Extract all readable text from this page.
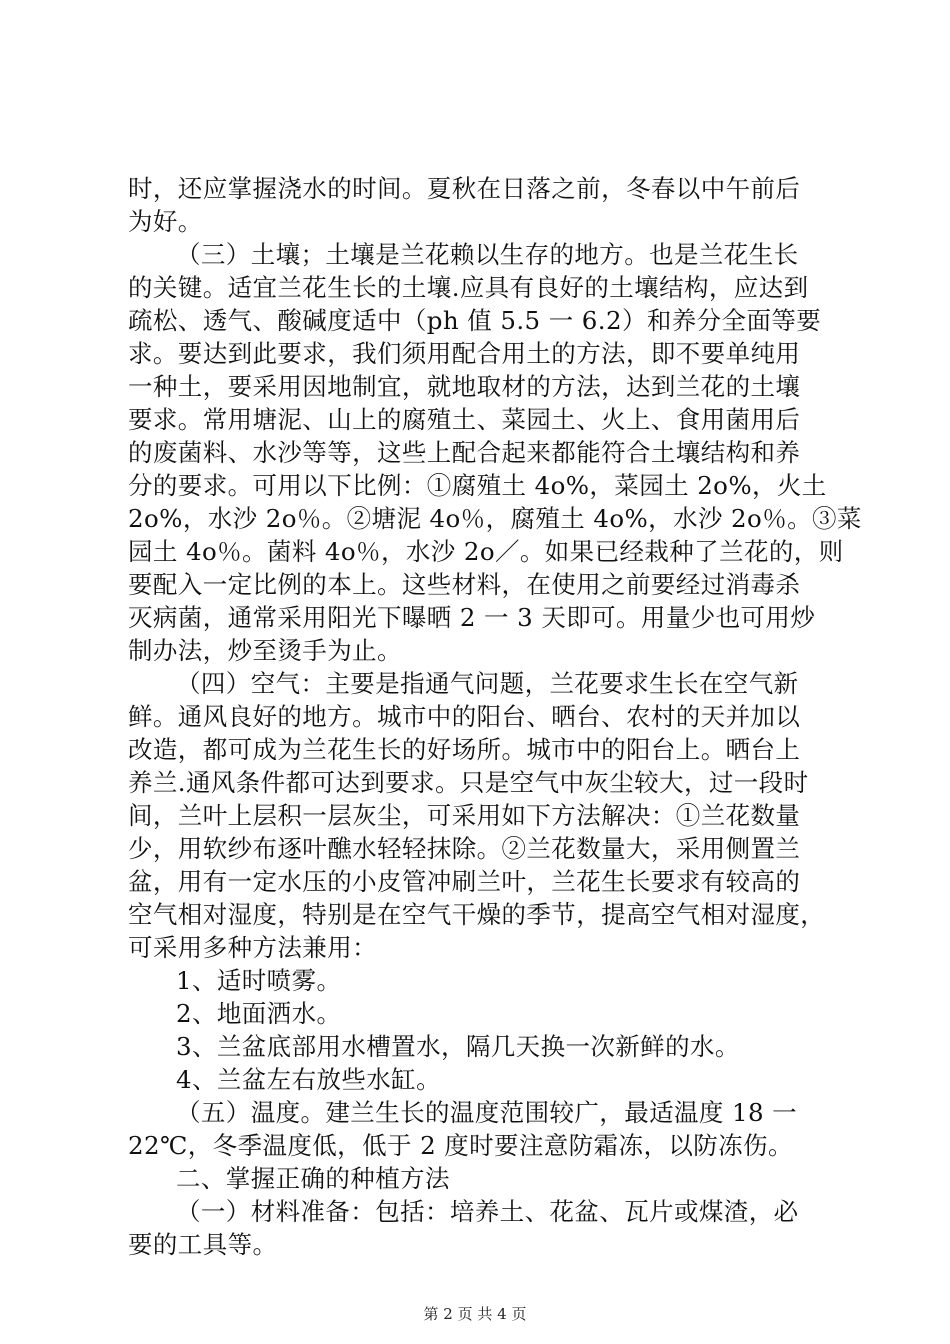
时，还应掌握浇水的时间。夏秋在日落之前，冬春以中午前后
为好。
（三）土壤；土壤是兰花赖以生存的地方。也是兰花生长
的关键。适宜兰花生长的土壤.应具有良好的土壤结构，应达到
疏松、透气、酸碱度适中（ph 值 5.5 一 6.2）和养分全面等要
求。要达到此要求，我们须用配合用土的方法，即不要单纯用
一种土，要采用因地制宜，就地取材的方法，达到兰花的土壤
要求。常用塘泥、山上的腐殖土、菜园土、火上、食用菌用后
的废菌料、水沙等等，这些上配合起来都能符合土壤结构和养
分的要求。可用以下比例：①腐殖土 4o%，菜园土 2o%，火土
2o%，水沙 2o％。②塘泥 4o％，腐殖土 4o%，水沙 2o％。③菜
园土 4o％。菌料 4o％，水沙 2o／。如果已经栽种了兰花的，则
要配入一定比例的本上。这些材料，在使用之前要经过消毒杀
灭病菌，通常采用阳光下曝晒 2 一 3 天即可。用量少也可用炒
制办法，炒至烫手为止。
（四）空气：主要是指通气问题，兰花要求生长在空气新
鲜。通风良好的地方。城市中的阳台、晒台、农村的天并加以
改造，都可成为兰花生长的好场所。城市中的阳台上。晒台上
养兰.通风条件都可达到要求。只是空气中灰尘较大，过一段时
间，兰叶上层积一层灰尘，可采用如下方法解决：①兰花数量
少，用软纱布逐叶醮水轻轻抹除。②兰花数量大，采用侧置兰
盆，用有一定水压的小皮管冲刷兰叶，兰花生长要求有较高的
空气相对湿度，特别是在空气干燥的季节，提高空气相对湿度，
可采用多种方法兼用：
1、适时喷雾。
2、地面洒水。
3、兰盆底部用水槽置水，隔几天换一次新鲜的水。
4、兰盆左右放些水缸。
（五）温度。建兰生长的温度范围较广，最适温度 18 一
22℃，冬季温度低，低于 2 度时要注意防霜冻，以防冻伤。
二、掌握正确的种植方法
（一）材料准备：包括：培养土、花盆、瓦片或煤渣，必
要的工具等。
第 2 页 共 4 页
